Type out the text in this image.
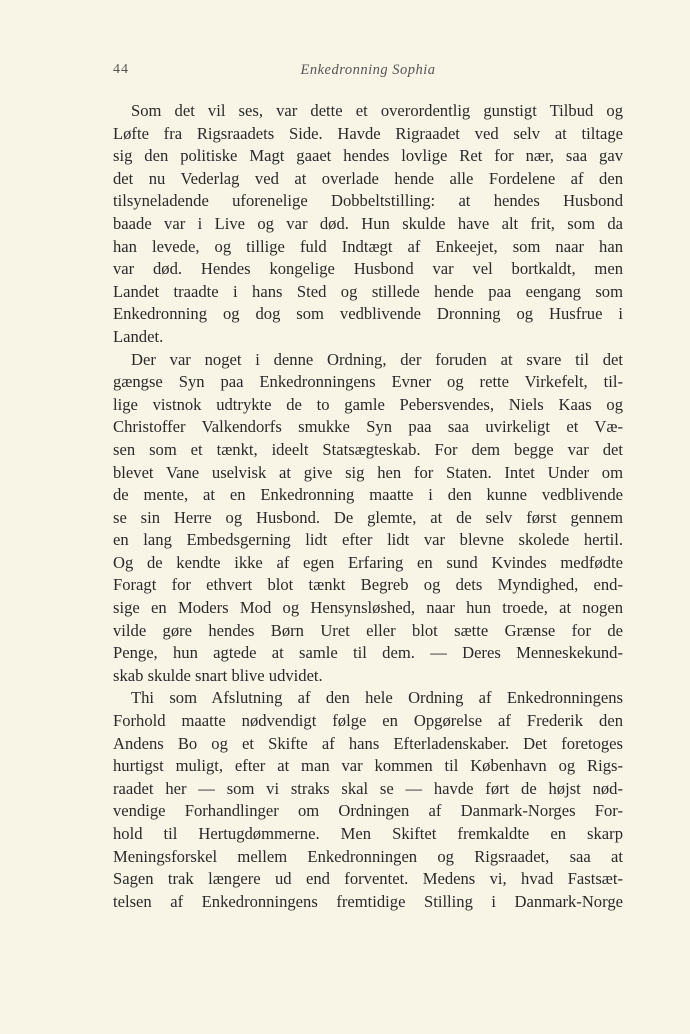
44	Enkedronning Sophia
Som det vil ses, var dette et overordentlig gunstigt Tilbud og
Løfte fra Rigsraadets Side. Havde Rigraadet ved selv at tiltage
sig den politiske Magt gaaet hendes lovlige Ret for nær, saa gav
det nu Vederlag ved at overlade hende alle Fordelene af den
tilsyneladende uforenelige Dobbeltstilling: at hendes Husbond
baade var i Live og var død. Hun skulde have alt frit, som da
han levede, og tillige fuld Indtægt af Enkeejet, som naar han
var død. Hendes kongelige Husbond var vel bortkaldt, men
Landet traadte i hans Sted og stillede hende paa eengang som
Enkedronning og dog som vedblivende Dronning og Husfrue i
Landet.
Der var noget i denne Ordning, der foruden at svare til det
gængse Syn paa Enkedronningens Evner og rette Virkefelt, til-
lige vistnok udtrykte de to gamle Pebersvendes, Niels Kaas og
Christoffer Valkendorfs smukke Syn paa saa uvirkeligt et Væ-
sen som et tænkt, ideelt Statsægteskab. For dem begge var det
blevet Vane uselvisk at give sig hen for Staten. Intet Under om
de mente, at en Enkedronning maatte i den kunne vedblivende
se sin Herre og Husbond. De glemte, at de selv først gennem
en lang Embedsgerning lidt efter lidt var blevne skolede hertil.
Og de kendte ikke af egen Erfaring en sund Kvindes medfødte
Foragt for ethvert blot tænkt Begreb og dets Myndighed, end-
sige en Moders Mod og Hensynsløshed, naar hun troede, at nogen
vilde gøre hendes Børn Uret eller blot sætte Grænse for de
Penge, hun agtede at samle til dem. — Deres Menneskekund-
skab skulde snart blive udvidet.
Thi som Afslutning af den hele Ordning af Enkedronningens
Forhold maatte nødvendigt følge en Opgørelse af Frederik den
Andens Bo og et Skifte af hans Efterladenskaber. Det foretoges
hurtigst muligt, efter at man var kommen til København og Rigs-
raadet her — som vi straks skal se — havde ført de højst nød-
vendige Forhandlinger om Ordningen af Danmark-Norges For-
hold til Hertugdømmerne. Men Skiftet fremkaldte en skarp
Meningsforskel mellem Enkedronningen og Rigsraadet, saa at
Sagen trak længere ud end forventet. Medens vi, hvad Fastsæt-
telsen af Enkedronningens fremtidige Stilling i Danmark-Norge
